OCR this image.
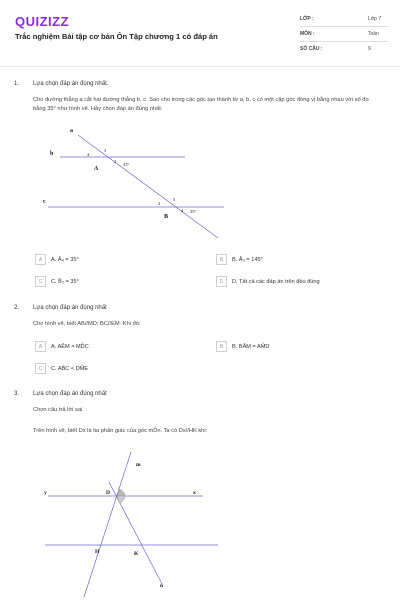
QUIZIZZ
Trắc nghiệm Bài tập cơ bản Ôn Tập chương 1 có đáp án
LỚP :	Lớp 7
MÔN :	Toán
SỐ CÂU :	9
1. Lựa chọn đáp án đúng nhất.
Cho đường thẳng a cắt hai đường thẳng b, c. Sao cho trong các góc tạo thành từ a, b, c có một cặp góc đồng vị bằng nhau với số đo bằng 35° như hình vẽ. Hãy chọn đáp án đúng nhất.
a
b
c
A
B
4
3
2
35°
2
3
4 35°
A	A. Â₄ = 35°	B	B. Â₃ = 145°
C	C. B̂₂ = 35°	D	D. Tất cả các đáp án trên đều đúng
2. Lựa chọn đáp án đúng nhất
Cho hình vẽ, biết AB//MD; BC//EM. Khi đó:
A	A. AÊM = MD̂C	B	B. BÂM = AM̂D
C	C. AB̂C < DM̂E
3. Lựa chọn đáp án đúng nhất
Chọn câu trả lời sai.
Trên hình vẽ, biết Dx là tia phân giác của góc mD̂n. Ta có Dx//HK khi:
m
y	x
D
H	K
n
